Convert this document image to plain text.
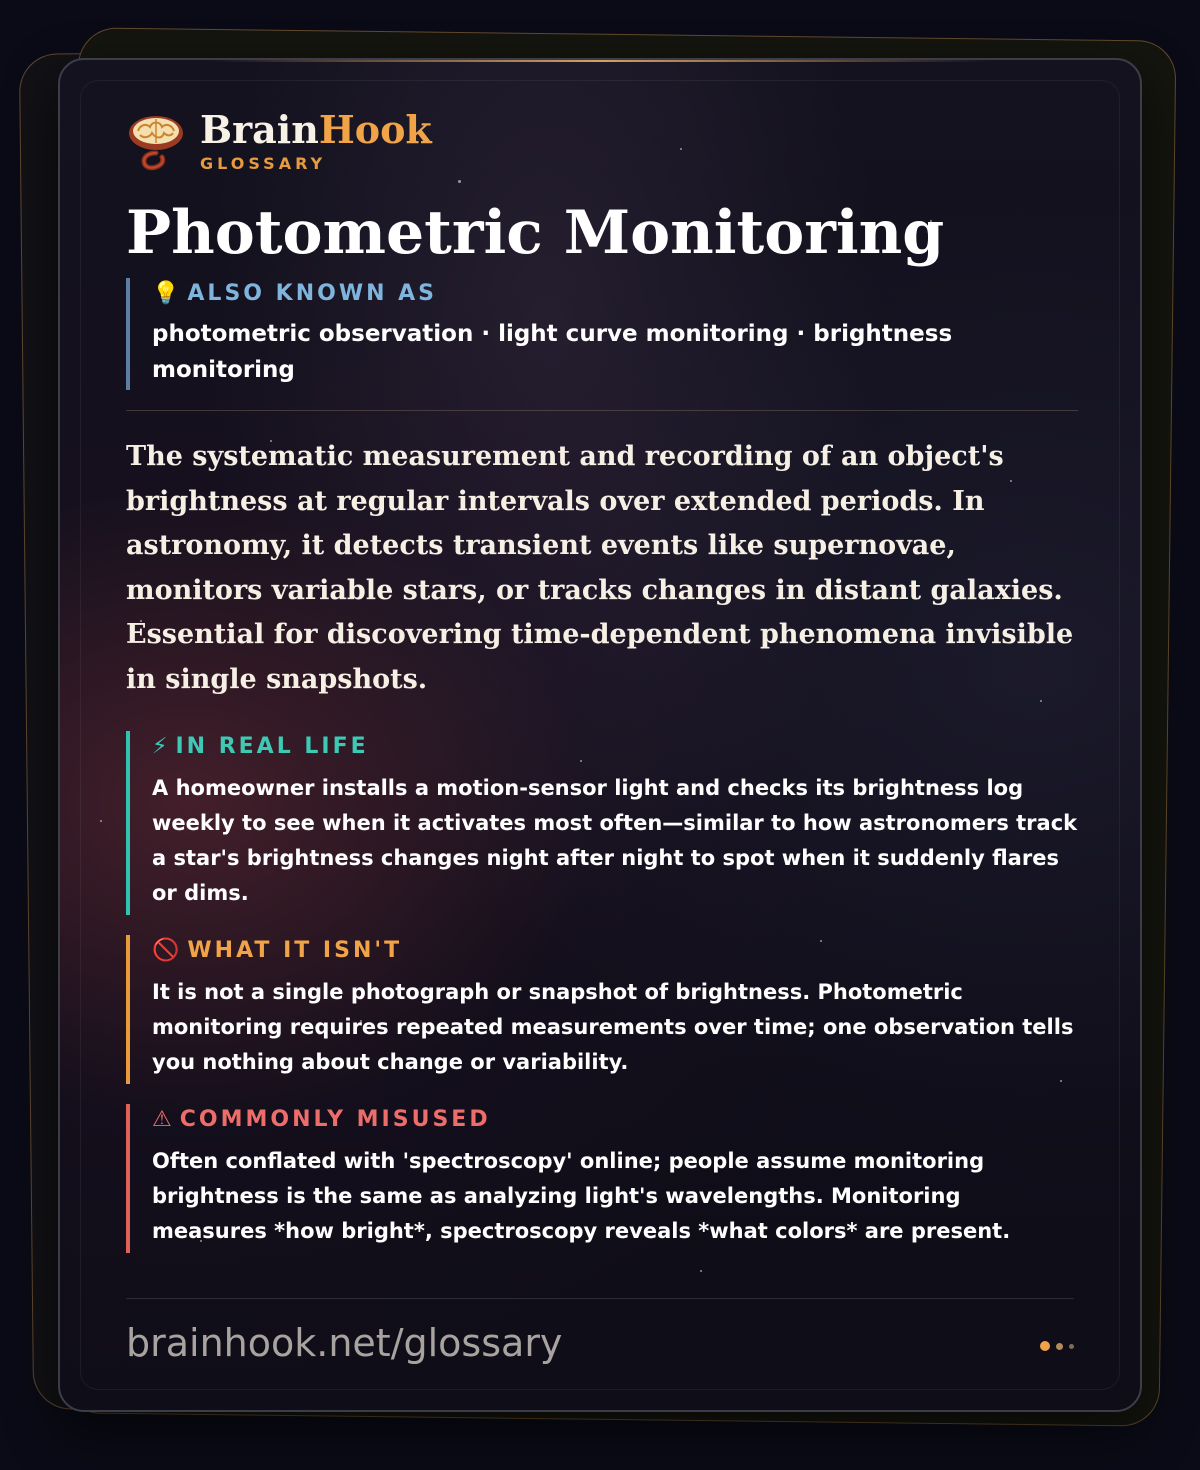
BrainHook
GLOSSARY
Photometric Monitoring
💡 ALSO KNOWN AS
photometric observation · light curve monitoring · brightness monitoring
The systematic measurement and recording of an object's brightness at regular intervals over extended periods. In astronomy, it detects transient events like supernovae, monitors variable stars, or tracks changes in distant galaxies. Essential for discovering time-dependent phenomena invisible in single snapshots.
⚡ IN REAL LIFE
A homeowner installs a motion-sensor light and checks its brightness log weekly to see when it activates most often—similar to how astronomers track a star's brightness changes night after night to spot when it suddenly flares or dims.
🚫 WHAT IT ISN'T
It is not a single photograph or snapshot of brightness. Photometric monitoring requires repeated measurements over time; one observation tells you nothing about change or variability.
⚠ COMMONLY MISUSED
Often conflated with 'spectroscopy' online; people assume monitoring brightness is the same as analyzing light's wavelengths. Monitoring measures *how bright*, spectroscopy reveals *what colors* are present.
brainhook.net/glossary
